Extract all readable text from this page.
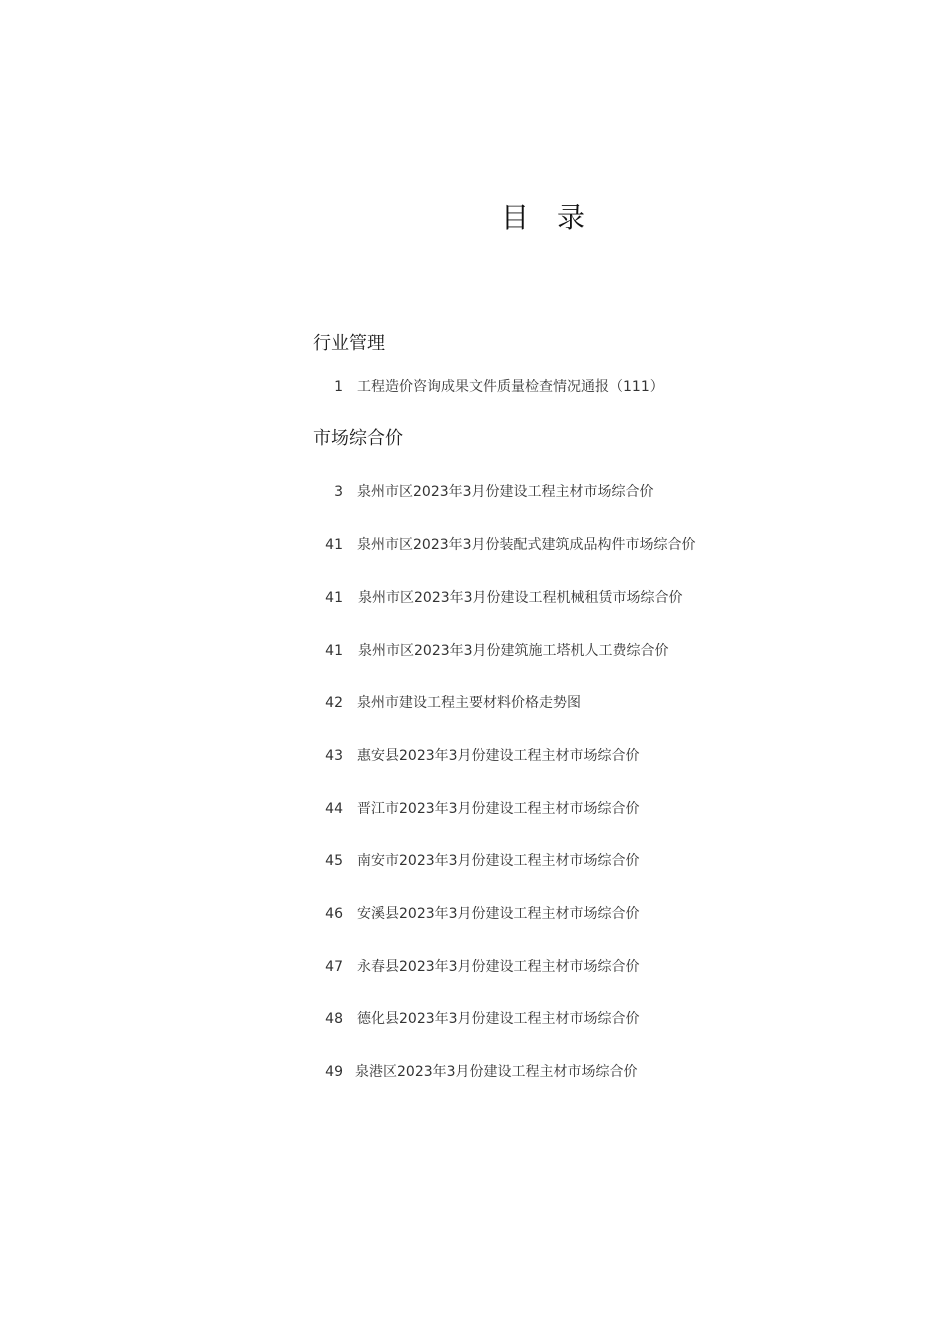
目 录
行业管理
1 工程造价咨询成果文件质量检查情况通报（111）
市场综合价
3 泉州市区2023年3月份建设工程主材市场综合价
41 泉州市区2023年3月份装配式建筑成品构件市场综合价
41 泉州市区2023年3月份建设工程机械租赁市场综合价
41 泉州市区2023年3月份建筑施工塔机人工费综合价
42 泉州市建设工程主要材料价格走势图
43 惠安县2023年3月份建设工程主材市场综合价
44 晋江市2023年3月份建设工程主材市场综合价
45 南安市2023年3月份建设工程主材市场综合价
46 安溪县2023年3月份建设工程主材市场综合价
47 永春县2023年3月份建设工程主材市场综合价
48 德化县2023年3月份建设工程主材市场综合价
49 泉港区2023年3月份建设工程主材市场综合价
